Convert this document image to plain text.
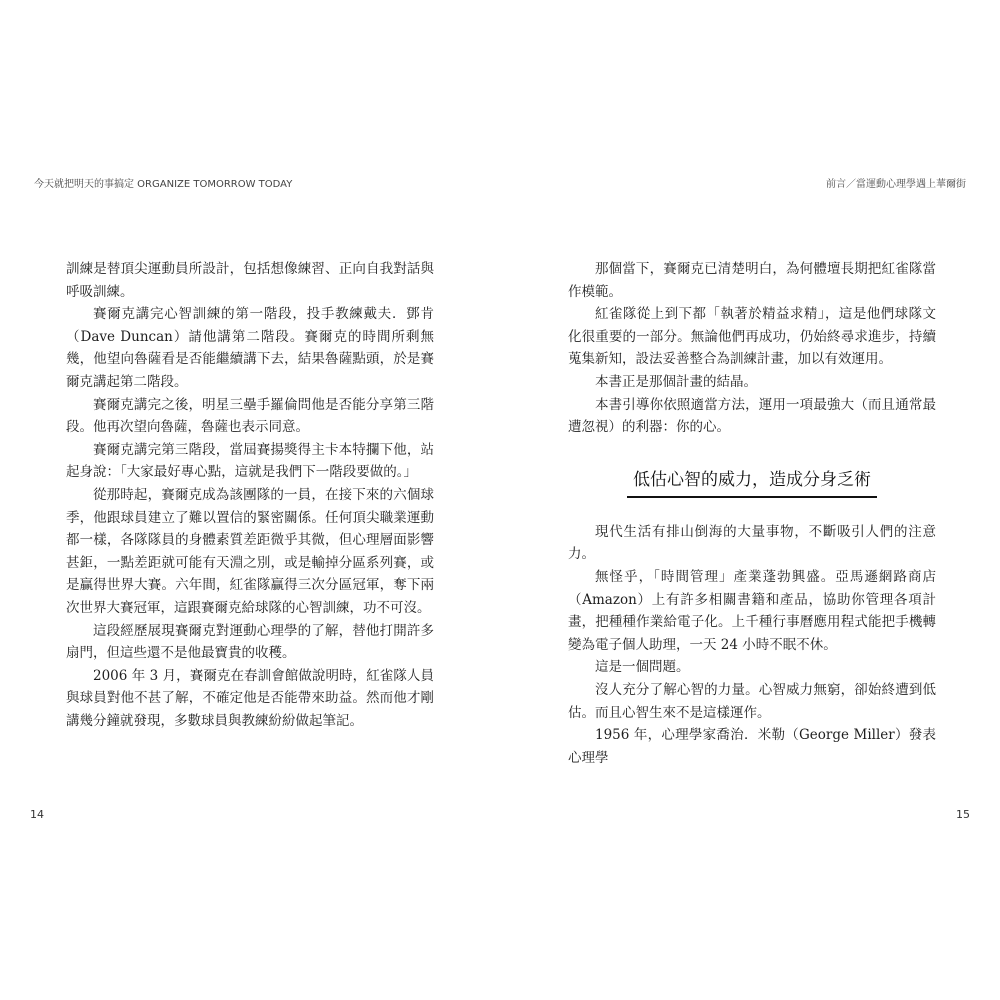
今天就把明天的事搞定 ORGANIZE TOMORROW TODAY

訓練是替頂尖運動員所設計，包括想像練習、正向自我對話與呼吸訓練。

賽爾克講完心智訓練的第一階段，投手教練戴夫．鄧肯（Dave Duncan）請他講第二階段。賽爾克的時間所剩無幾，他望向魯薩看是否能繼續講下去，結果魯薩點頭，於是賽爾克講起第二階段。

賽爾克講完之後，明星三壘手羅倫問他是否能分享第三階段。他再次望向魯薩，魯薩也表示同意。

賽爾克講完第三階段，當屆賽揚獎得主卡本特攔下他，站起身說：「大家最好專心點，這就是我們下一階段要做的。」

從那時起，賽爾克成為該團隊的一員，在接下來的六個球季，他跟球員建立了難以置信的緊密關係。任何頂尖職業運動都一樣，各隊隊員的身體素質差距微乎其微，但心理層面影響甚鉅，一點差距就可能有天淵之別，或是輸掉分區系列賽，或是贏得世界大賽。六年間，紅雀隊贏得三次分區冠軍，奪下兩次世界大賽冠軍，這跟賽爾克給球隊的心智訓練，功不可沒。

這段經歷展現賽爾克對運動心理學的了解，替他打開許多扇門，但這些還不是他最寶貴的收穫。

2006 年 3 月，賽爾克在春訓會館做說明時，紅雀隊人員與球員對他不甚了解，不確定他是否能帶來助益。然而他才剛講幾分鐘就發現，多數球員與教練紛紛做起筆記。

14
前言／當運動心理學遇上華爾街

那個當下，賽爾克已清楚明白，為何體壇長期把紅雀隊當作模範。

紅雀隊從上到下都「執著於精益求精」，這是他們球隊文化很重要的一部分。無論他們再成功，仍始終尋求進步，持續蒐集新知，設法妥善整合為訓練計畫，加以有效運用。

本書正是那個計畫的結晶。

本書引導你依照適當方法，運用一項最強大（而且通常最遭忽視）的利器：你的心。

低估心智的威力，造成分身乏術

現代生活有排山倒海的大量事物，不斷吸引人們的注意力。

無怪乎，「時間管理」產業蓬勃興盛。亞馬遜網路商店（Amazon）上有許多相關書籍和產品，協助你管理各項計畫，把種種作業給電子化。上千種行事曆應用程式能把手機轉變為電子個人助理，一天 24 小時不眠不休。

這是一個問題。

沒人充分了解心智的力量。心智威力無窮，卻始終遭到低估。而且心智生來不是這樣運作。

1956 年，心理學家喬治．米勒（George Miller）發表心理學

15
